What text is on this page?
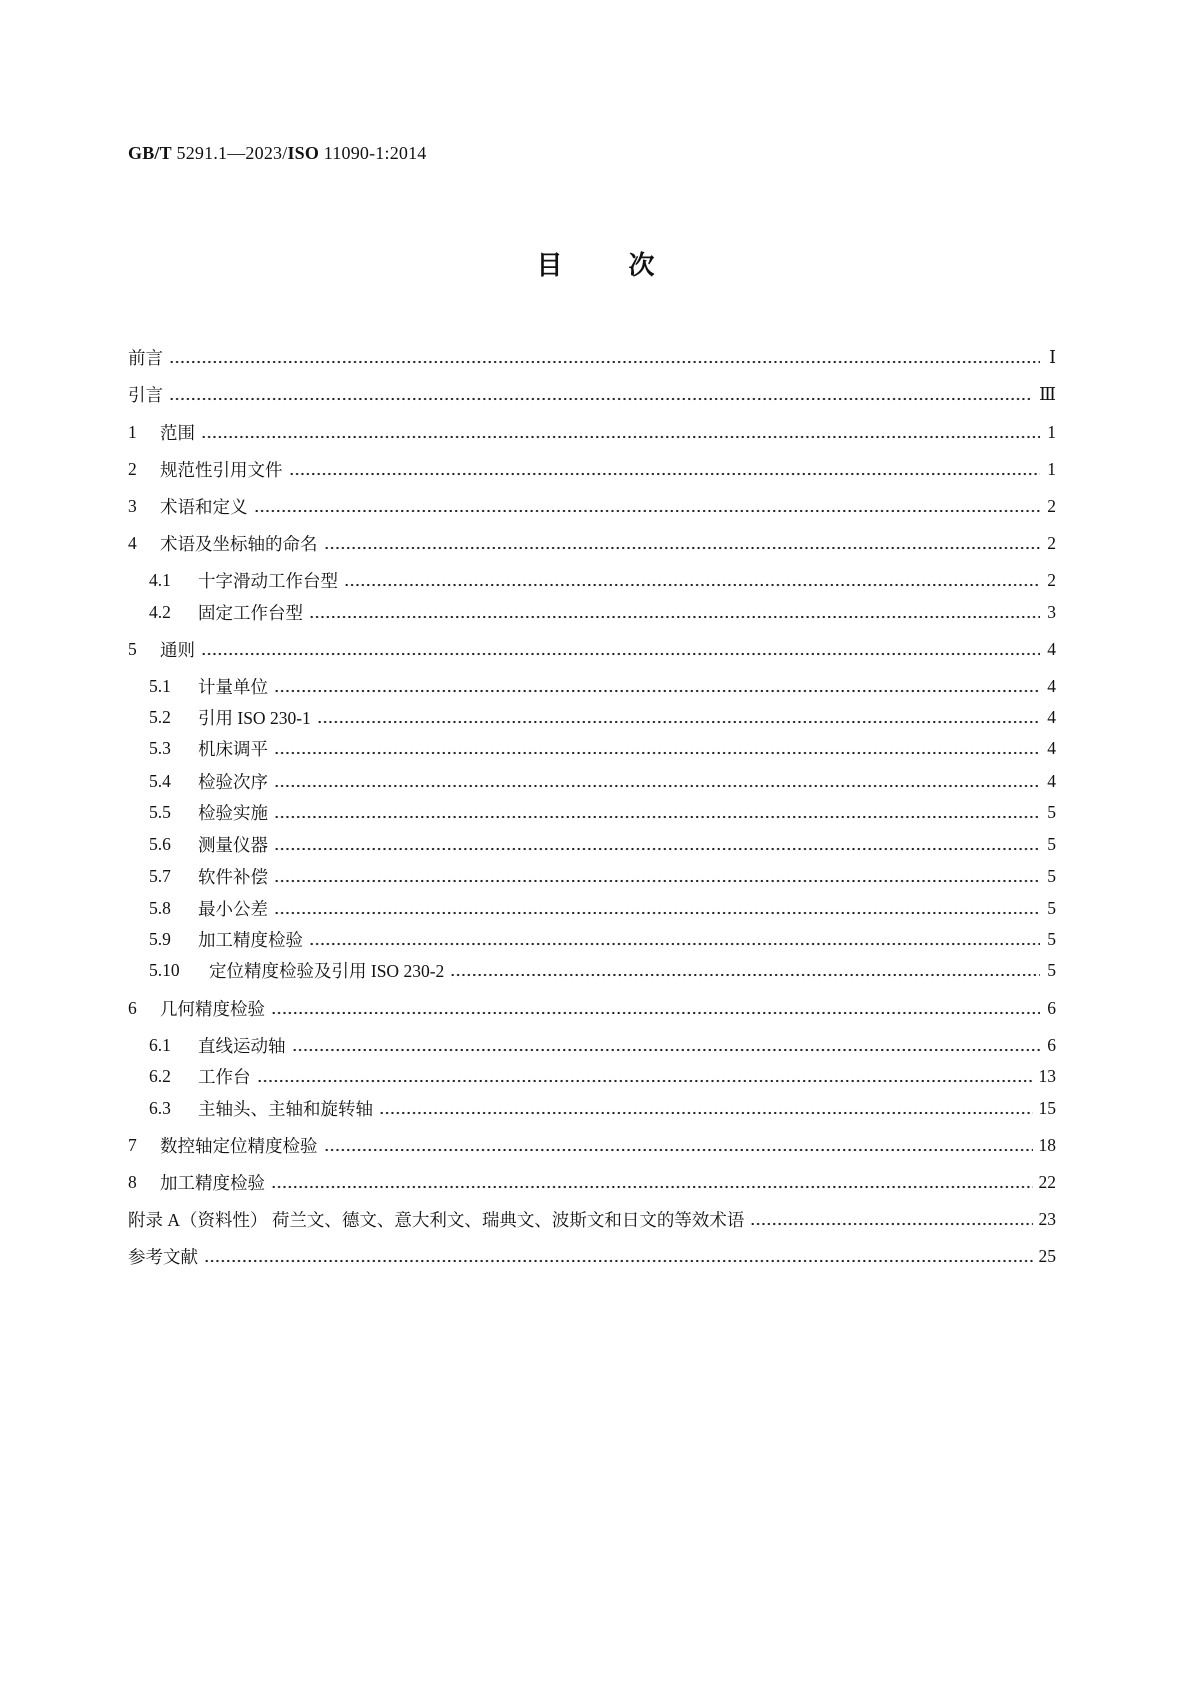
GB/T 5291.1—2023/ISO 11090-1:2014
目	次
前言	Ⅰ
引言	Ⅲ
1	范围	1
2	规范性引用文件	1
3	术语和定义	2
4	术语及坐标轴的命名	2
4.1	十字滑动工作台型	2
4.2	固定工作台型	3
5	通则	4
5.1	计量单位	4
5.2	引用 ISO 230-1	4
5.3	机床调平	4
5.4	检验次序	4
5.5	检验实施	5
5.6	测量仪器	5
5.7	软件补偿	5
5.8	最小公差	5
5.9	加工精度检验	5
5.10	定位精度检验及引用 ISO 230-2	5
6	几何精度检验	6
6.1	直线运动轴	6
6.2	工作台	13
6.3	主轴头、主轴和旋转轴	15
7	数控轴定位精度检验	18
8	加工精度检验	22
附录 A（资料性） 荷兰文、德文、意大利文、瑞典文、波斯文和日文的等效术语	23
参考文献	25
